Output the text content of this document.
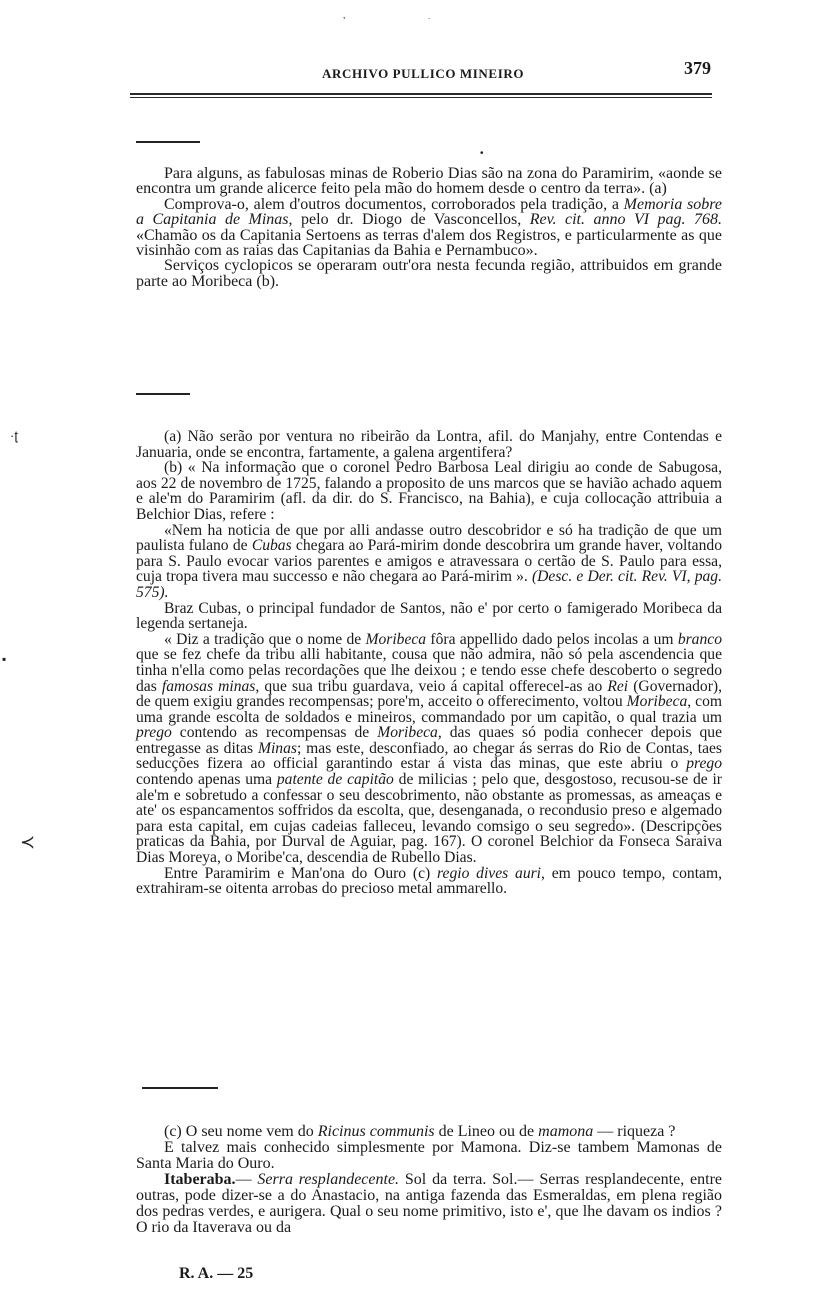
‚	.
ARCHIVO PULLICO MINEIRO	379
•

Para alguns, as fabulosas minas de Roberio Dias são na zona do Paramirim, «aonde se encontra um grande alicerce feito pela mão do homem desde o centro da terra». (a)

Comprova-o, alem d'outros documentos, corroborados pela tradição, a Memoria sobre a Capitania de Minas, pelo dr. Diogo de Vasconcellos, Rev. cit. anno VI pag. 768. «Chamão os da Capitania Sertoens as terras d'alem dos Registros, e particularmente as que visinhão com as raias das Capitanias da Bahia e Pernambuco».

Serviços cyclopicos se operaram outr'ora nesta fecunda região, attribuidos em grande parte ao Moribeca (b).

·ʈ	(a) Não serão por ventura no ribeirão da Lontra, afil. do Manjahy, entre Contendas e Januaria, onde se encontra, fartamente, a galena argentifera?

(b) « Na informação que o coronel Pedro Barbosa Leal dirigiu ao conde de Sabugosa, aos 22 de novembro de 1725, falando a proposito de uns marcos que se havião achado aquem e ale'm do Paramirim (afl. da dir. do S. Francisco, na Bahia), e cuja collocação attribuia a Belchior Dias, refere :

«Nem ha noticia de que por alli andasse outro descobridor e só ha tradição de que um paulista fulano de Cubas chegara ao Pará-mirim donde descobrira um grande haver, voltando para S. Paulo evocar varios parentes e amigos e atravessara o certão de S. Paulo para essa, cuja tropa tivera mau successo e não chegara ao Pará-mirim ». (Desc. e Der. cit. Rev. VI, pag. 575).

Braz Cubas, o principal fundador de Santos, não e' por certo o famigerado Moribeca da legenda sertaneja.

« Diz a tradição que o nome de Moribeca fôra appellido dado pelos incolas a um branco que se fez chefe da tribu alli habitante, cousa que não admira, não só pela ascendencia que tinha n'ella como pelas recordações que lhe deixou ; e tendo esse chefe descoberto o segredo das famosas minas, que sua tribu guardava, veio á capital offerecel-as ao Rei (Governador), de quem exigiu grandes recompensas; pore'm, acceito o offerecimento, voltou Moribeca, com uma grande escolta de soldados e mineiros, commandado por um capitão, o qual trazia um prego contendo as recompensas de Moribeca, das quaes só podia conhecer depois que entregasse as ditas Minas; mas este, desconfiado, ao chegar ás serras do Rio de Contas, taes seducções fizera ao official garantindo estar á vista das minas, que este abriu o prego contendo apenas uma patente de capitão de milicias ; pelo que, desgostoso, recusou-se de ir ale'm e sobretudo a confessar o seu descobrimento, não obstante as promessas, as ameaças e ate' os espancamentos soffridos da escolta, que, desenganada, o recondusio preso e algemado para esta capital, em cujas cadeias falleceu, levando comsigo o seu segredo». (Descripções praticas da Bahia, por Durval de Aguiar, pag. 167). O coronel Belchior da Fonseca Saraiva Dias Moreya, o Moribe'ca, descendia de Rubello Dias.

Entre Paramirim e Man'ona do Ouro (c) regio dives auri, em pouco tempo, contam, extrahiram-se oitenta arrobas do precioso metal ammarello.

▪
≺

(c) O seu nome vem do Ricinus communis de Lineo ou de mamona — riqueza ?

E talvez mais conhecido simplesmente por Mamona. Diz-se tambem Mamonas de Santa Maria do Ouro.

Itaberaba.— Serra resplandecente. Sol da terra. Sol.— Serras resplandecente, entre outras, pode dizer-se a do Anastacio, na antiga fazenda das Esmeraldas, em plena região dos pedras verdes, e aurigera. Qual o seu nome primitivo, isto e', que lhe davam os indios ? O rio da Itaverava ou da

R. A. — 25
